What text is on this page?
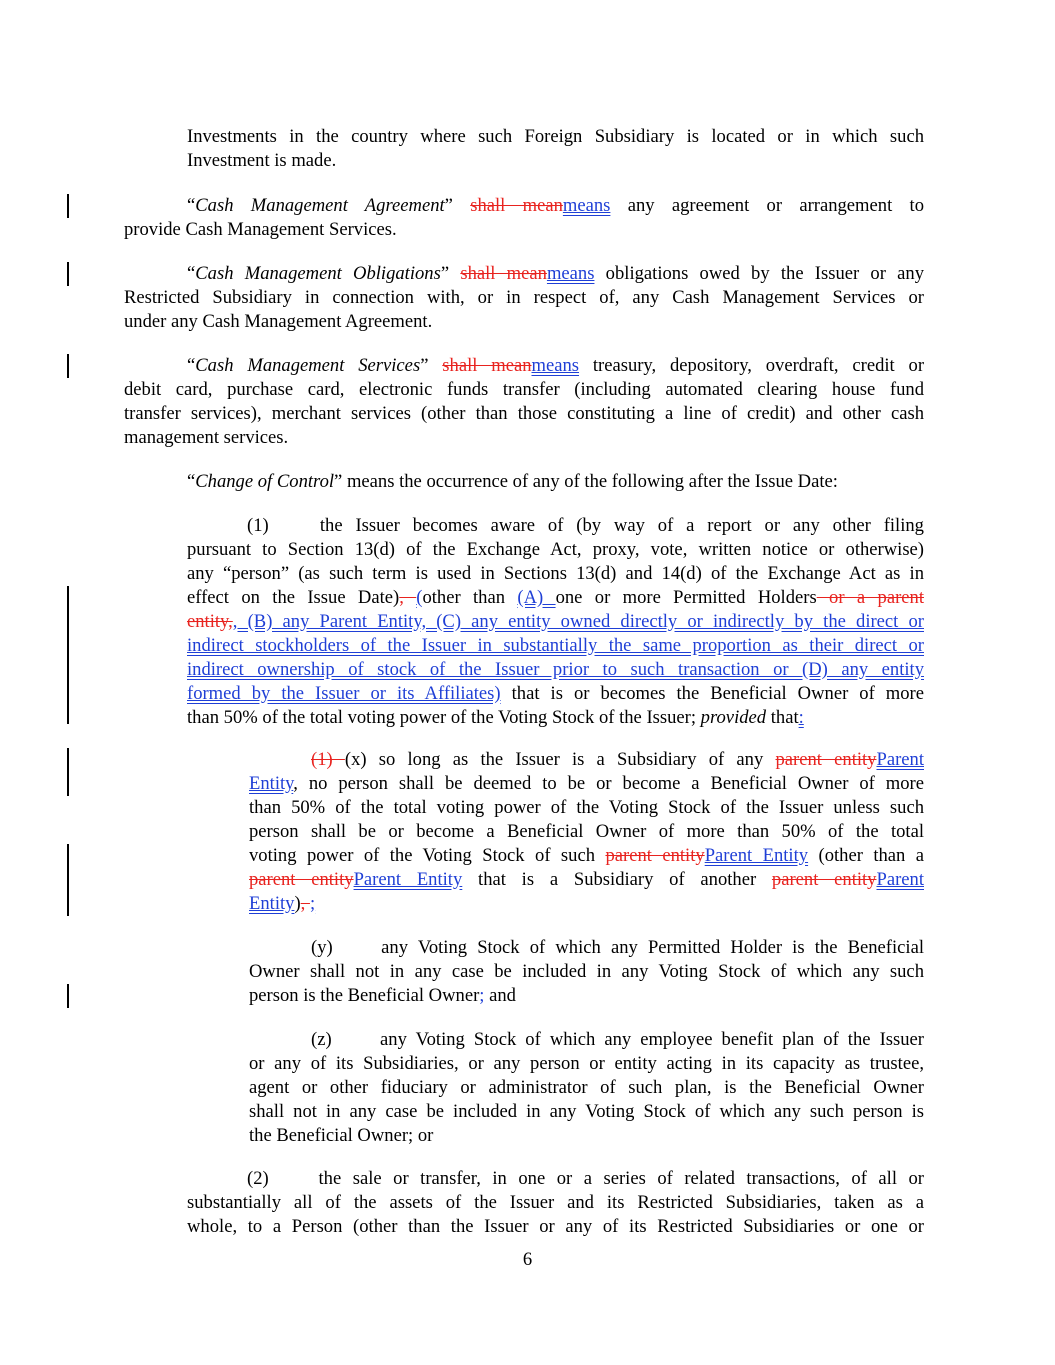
Investments in the country where such Foreign Subsidiary is located or in which such
Investment is made.
“Cash Management Agreement” shall meanmeans any agreement or arrangement to
provide Cash Management Services.
“Cash Management Obligations” shall meanmeans obligations owed by the Issuer or any
Restricted Subsidiary in connection with, or in respect of, any Cash Management Services or
under any Cash Management Agreement.
“Cash Management Services” shall meanmeans treasury, depository, overdraft, credit or
debit card, purchase card, electronic funds transfer (including automated clearing house fund
transfer services), merchant services (other than those constituting a line of credit) and other cash
management services.
“Change of Control” means the occurrence of any of the following after the Issue Date:
(1)	the Issuer becomes aware of (by way of a report or any other filing
pursuant to Section 13(d) of the Exchange Act, proxy, vote, written notice or otherwise)
any “person” (as such term is used in Sections 13(d) and 14(d) of the Exchange Act as in
effect on the Issue Date), (other than (A) one or more Permitted Holders or a parent
entity,, (B) any Parent Entity, (C) any entity owned directly or indirectly by the direct or
indirect stockholders of the Issuer in substantially the same proportion as their direct or
indirect ownership of stock of the Issuer prior to such transaction or (D) any entity
formed by the Issuer or its Affiliates) that is or becomes the Beneficial Owner of more
than 50% of the total voting power of the Voting Stock of the Issuer; provided that:
(1) (x) so long as the Issuer is a Subsidiary of any parent entityParent
Entity, no person shall be deemed to be or become a Beneficial Owner of more
than 50% of the total voting power of the Voting Stock of the Issuer unless such
person shall be or become a Beneficial Owner of more than 50% of the total
voting power of the Voting Stock of such parent entityParent Entity (other than a
parent entityParent Entity that is a Subsidiary of another parent entityParent
Entity), ;
(y)	any Voting Stock of which any Permitted Holder is the Beneficial
Owner shall not in any case be included in any Voting Stock of which any such
person is the Beneficial Owner; and
(z)	any Voting Stock of which any employee benefit plan of the Issuer
or any of its Subsidiaries, or any person or entity acting in its capacity as trustee,
agent or other fiduciary or administrator of such plan, is the Beneficial Owner
shall not in any case be included in any Voting Stock of which any such person is
the Beneficial Owner; or
(2)	the sale or transfer, in one or a series of related transactions, of all or
substantially all of the assets of the Issuer and its Restricted Subsidiaries, taken as a
whole, to a Person (other than the Issuer or any of its Restricted Subsidiaries or one or
6
